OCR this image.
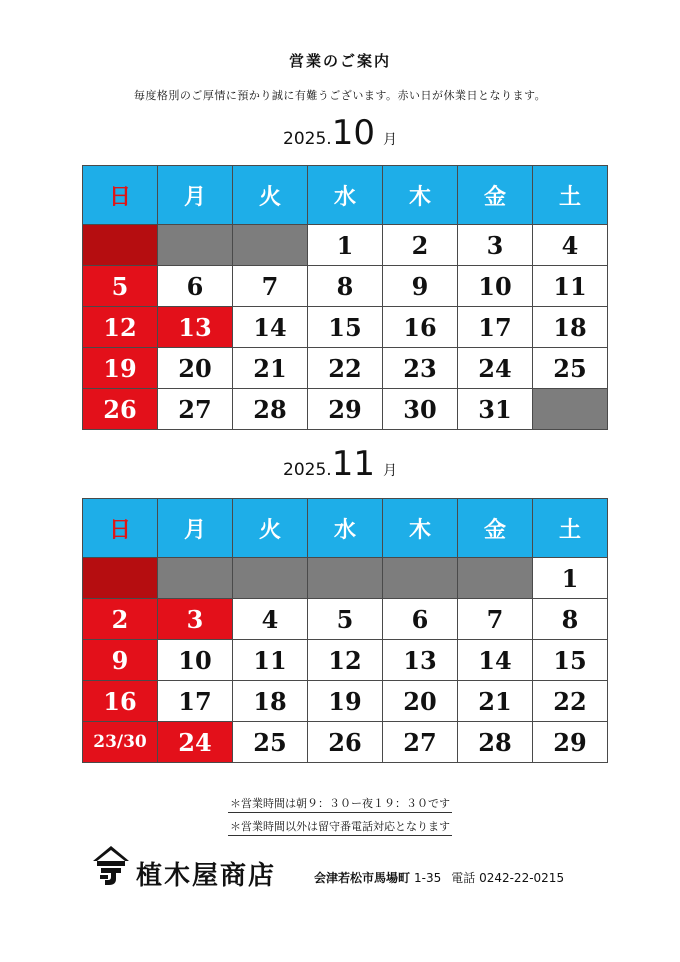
営業のご案内
毎度格別のご厚情に預かり誠に有難うございます。赤い日が休業日となります。
2025.10 月
日	月	火	水	木	金	土
			1	2	3	4
5	6	7	8	9	10	11
12	13	14	15	16	17	18
19	20	21	22	23	24	25
26	27	28	29	30	31	
2025.11 月
日	月	火	水	木	金	土
						1
2	3	4	5	6	7	8
9	10	11	12	13	14	15
16	17	18	19	20	21	22
23/30	24	25	26	27	28	29
＊営業時間は朝９：３０ー夜１９：３０です
＊営業時間以外は留守番電話対応となります
植木屋商店	会津若松市馬場町 1-35 電話 0242-22-0215
